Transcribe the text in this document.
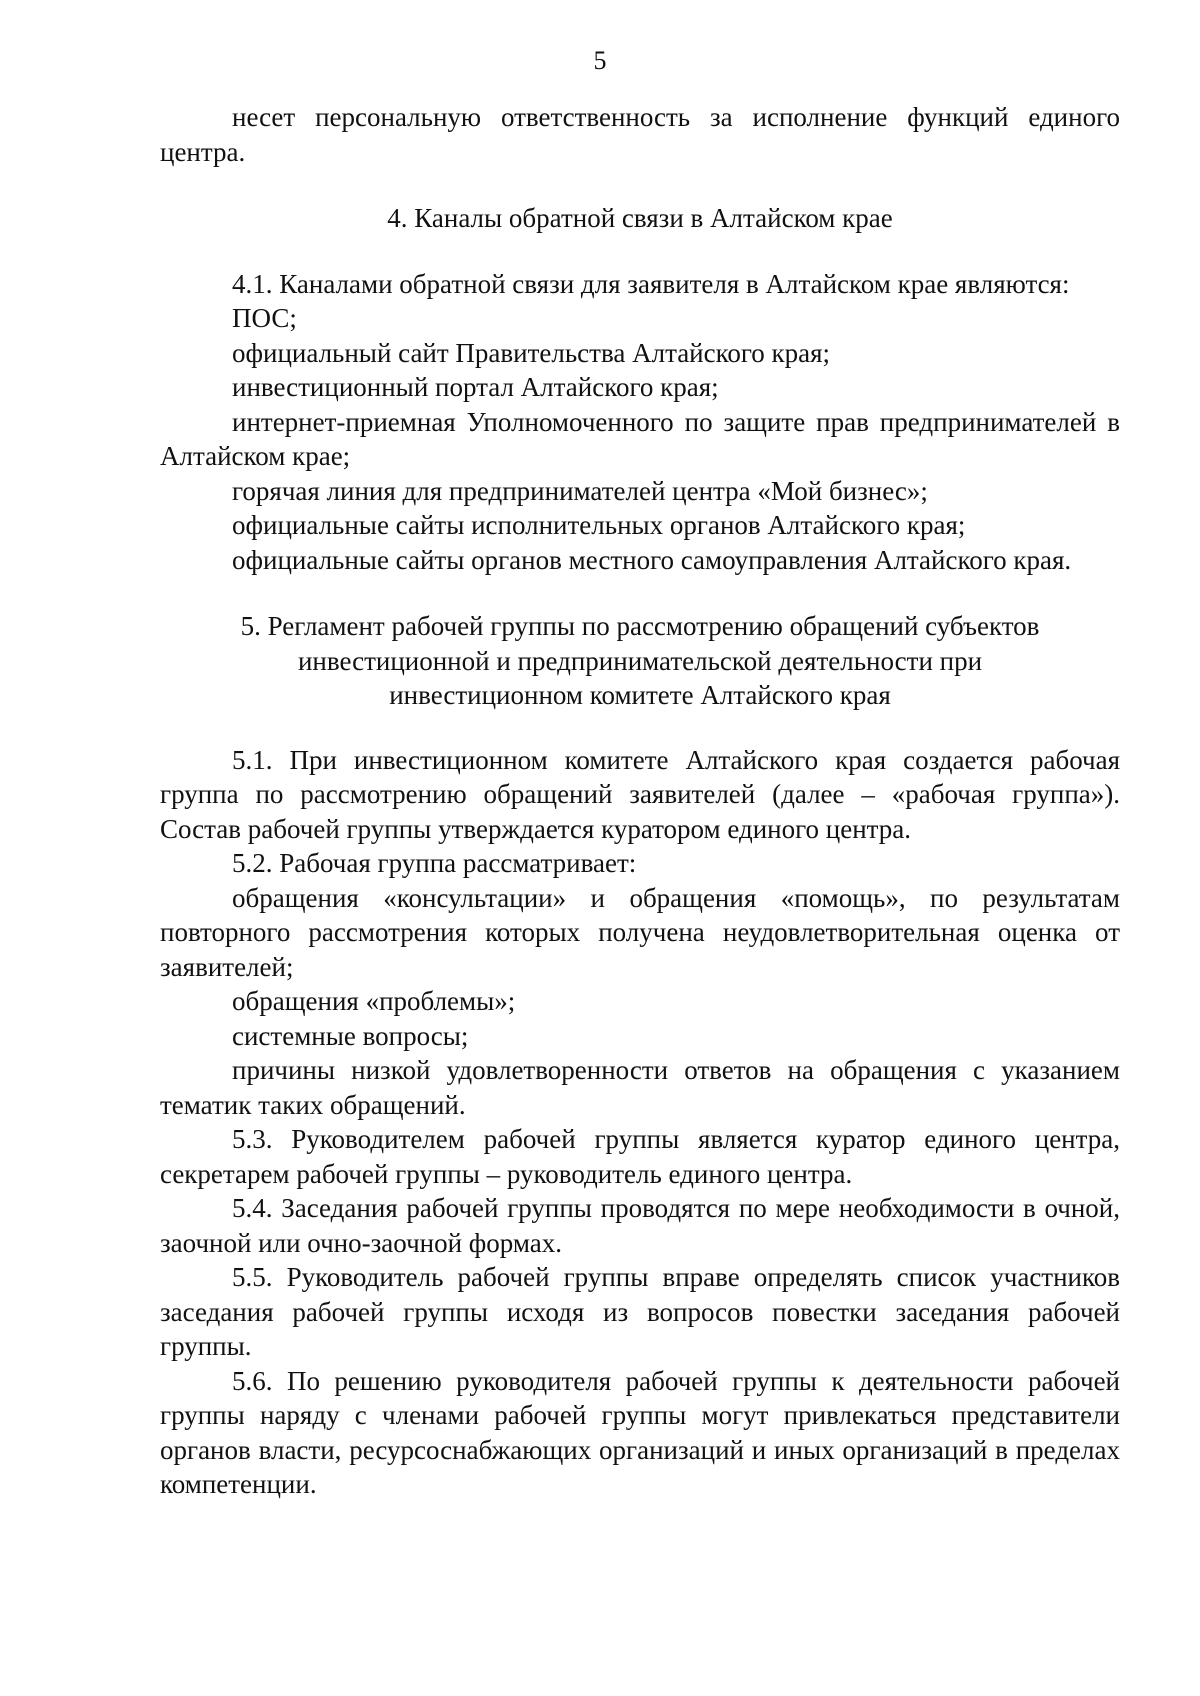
5

несет персональную ответственность за исполнение функций единого центра.

4. Каналы обратной связи в Алтайском крае

4.1. Каналами обратной связи для заявителя в Алтайском крае являются:

ПОС;

официальный сайт Правительства Алтайского края;

инвестиционный портал Алтайского края;

интернет-приемная Уполномоченного по защите прав предпринимателей в Алтайском крае;

горячая линия для предпринимателей центра «Мой бизнес»;

официальные сайты исполнительных органов Алтайского края;

официальные сайты органов местного самоуправления Алтайского края.

5. Регламент рабочей группы по рассмотрению обращений субъектов инвестиционной и предпринимательской деятельности при инвестиционном комитете Алтайского края

5.1. При инвестиционном комитете Алтайского края создается рабочая группа по рассмотрению обращений заявителей (далее – «рабочая группа»). Состав рабочей группы утверждается куратором единого центра.

5.2. Рабочая группа рассматривает:

обращения «консультации» и обращения «помощь», по результатам повторного рассмотрения которых получена неудовлетворительная оценка от заявителей;

обращения «проблемы»;

системные вопросы;

причины низкой удовлетворенности ответов на обращения с указанием тематик таких обращений.

5.3. Руководителем рабочей группы является куратор единого центра, секретарем рабочей группы – руководитель единого центра.

5.4. Заседания рабочей группы проводятся по мере необходимости в очной, заочной или очно-заочной формах.

5.5. Руководитель рабочей группы вправе определять список участников заседания рабочей группы исходя из вопросов повестки заседания рабочей группы.

5.6. По решению руководителя рабочей группы к деятельности рабочей группы наряду с членами рабочей группы могут привлекаться представители органов власти, ресурсоснабжающих организаций и иных организаций в пределах компетенции.
